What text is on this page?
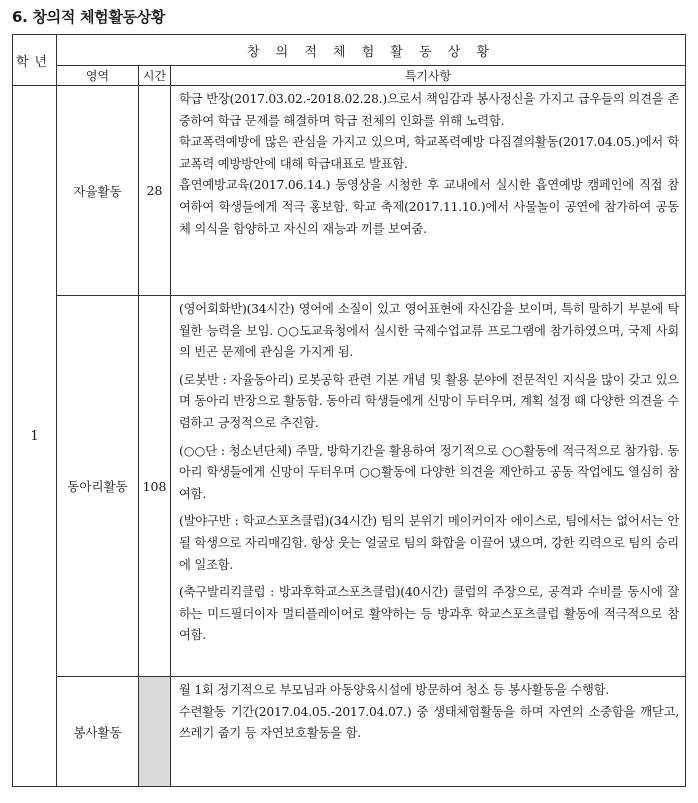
6. 창의적 체험활동상황
학년	창 의 적 체 험 활 동 상 황		
	영역	시간	특기사항
1	자율활동	28	학급 반장(2017.03.02.-2018.02.28.)으로서 책임감과 봉사정신을 가지고 급우들의 의견을 존중하여 학급 문제를 해결하며 학급 전체의 인화를 위해 노력함.

학교폭력예방에 많은 관심을 가지고 있으며, 학교폭력예방 다짐결의활동(2017.04.05.)에서 학교폭력 예방방안에 대해 학급대표로 발표함.

흡연예방교육(2017.06.14.) 동영상을 시청한 후 교내에서 실시한 흡연예방 캠페인에 직접 참여하여 학생들에게 적극 홍보함. 학교 축제(2017.11.10.)에서 사물놀이 공연에 참가하여 공동체 의식을 함양하고 자신의 재능과 끼를 보여줌.

	동아리활동	108	(영어회화반)(34시간) 영어에 소질이 있고 영어표현에 자신감을 보이며, 특히 말하기 부분에 탁월한 능력을 보임. ○○도교육청에서 실시한 국제수업교류 프로그램에 참가하였으며, 국제 사회의 빈곤 문제에 관심을 가지게 됨.

(로봇반 : 자율동아리) 로봇공학 관련 기본 개념 및 활용 분야에 전문적인 지식을 많이 갖고 있으며 동아리 반장으로 활동함. 동아리 학생들에게 신망이 두터우며, 계획 설정 때 다양한 의견을 수렴하고 긍정적으로 추진함.

(○○단 : 청소년단체) 주말, 방학기간을 활용하여 정기적으로 ○○활동에 적극적으로 참가함. 동아리 학생들에게 신망이 두터우며 ○○활동에 다양한 의견을 제안하고 공동 작업에도 열심히 참여함.

(발야구반 : 학교스포츠클럽)(34시간) 팀의 분위기 메이커이자 에이스로, 팀에서는 없어서는 안 될 학생으로 자리매김함. 항상 웃는 얼굴로 팀의 화합을 이끌어 냈으며, 강한 킥력으로 팀의 승리에 일조함.

(축구발리킥클럽 : 방과후학교스포츠클럽)(40시간) 클럽의 주장으로, 공격과 수비를 동시에 잘하는 미드필더이자 멀티플레이어로 활약하는 등 방과후 학교스포츠클럽 활동에 적극적으로 참여함.

	봉사활동		월 1회 정기적으로 부모님과 아동양육시설에 방문하여 청소 등 봉사활동을 수행함.

수련활동 기간(2017.04.05.-2017.04.07.) 중 생태체험활동을 하며 자연의 소중함을 깨닫고, 쓰레기 줍기 등 자연보호활동을 함.
